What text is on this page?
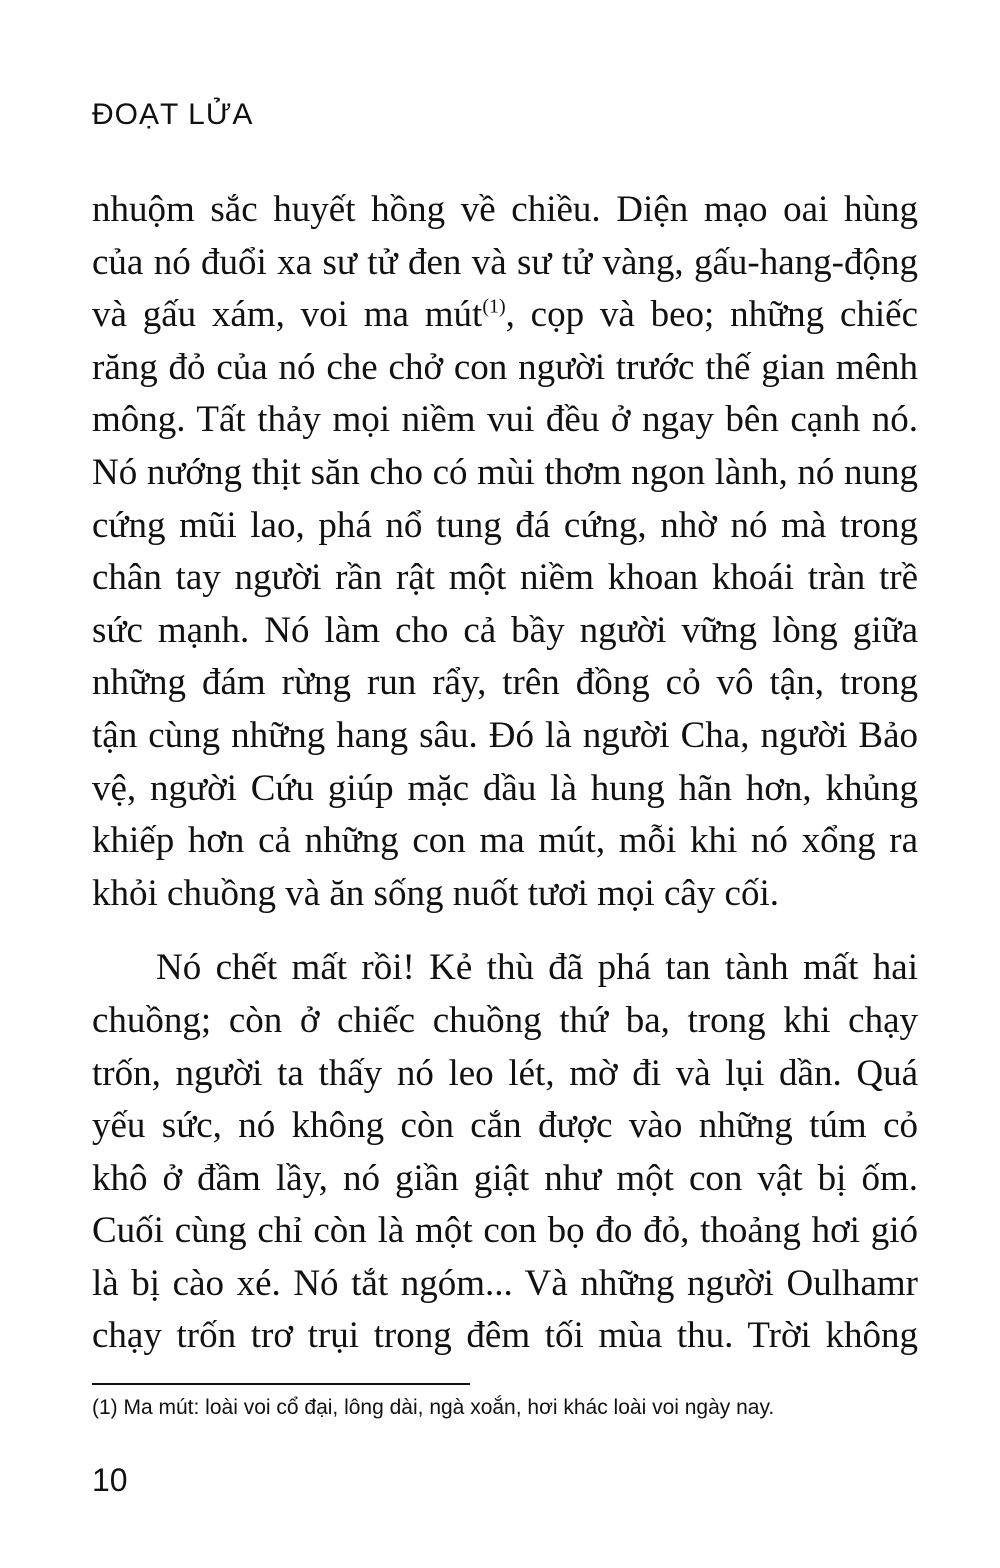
ĐOẠT LỬA
nhuộm sắc huyết hồng về chiều. Diện mạo oai hùng
của nó đuổi xa sư tử đen và sư tử vàng, gấu-hang-động
và gấu xám, voi ma mút$^{(1)}$, cọp và beo; những chiếc
răng đỏ của nó che chở con người trước thế gian mênh
mông. Tất thảy mọi niềm vui đều ở ngay bên cạnh nó.
Nó nướng thịt săn cho có mùi thơm ngon lành, nó nung
cứng mũi lao, phá nổ tung đá cứng, nhờ nó mà trong
chân tay người rần rật một niềm khoan khoái tràn trề
sức mạnh. Nó làm cho cả bầy người vững lòng giữa
những đám rừng run rẩy, trên đồng cỏ vô tận, trong
tận cùng những hang sâu. Đó là người Cha, người Bảo
vệ, người Cứu giúp mặc dầu là hung hãn hơn, khủng
khiếp hơn cả những con ma mút, mỗi khi nó xổng ra
khỏi chuồng và ăn sống nuốt tươi mọi cây cối.
Nó chết mất rồi! Kẻ thù đã phá tan tành mất hai
chuồng; còn ở chiếc chuồng thứ ba, trong khi chạy
trốn, người ta thấy nó leo lét, mờ đi và lụi dần. Quá
yếu sức, nó không còn cắn được vào những túm cỏ
khô ở đầm lầy, nó giần giật như một con vật bị ốm.
Cuối cùng chỉ còn là một con bọ đo đỏ, thoảng hơi gió
là bị cào xé. Nó tắt ngóm... Và những người Oulhamr
chạy trốn trơ trụi trong đêm tối mùa thu. Trời không
(1) Ma mút: loài voi cổ đại, lông dài, ngà xoắn, hơi khác loài voi ngày nay.
10
